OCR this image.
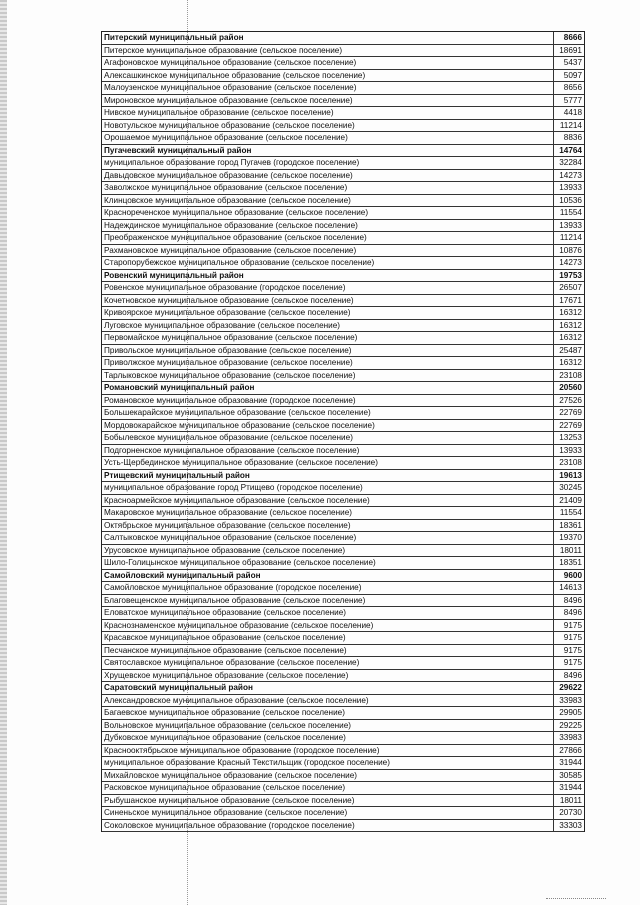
Питерский муниципальный район	8666
Питерское муниципальное образование (сельское поселение)	18691
Агафоновское муниципальное образование (сельское поселение)	5437
Алексашкинское муниципальное образование (сельское поселение)	5097
Малоузенское муниципальное образование (сельское поселение)	8656
Мироновское муниципальное образование (сельское поселение)	5777
Нивское муниципальное образование (сельское поселение)	4418
Новотульское муниципальное образование (сельское поселение)	11214
Орошаемое муниципальное образование (сельское поселение)	8836
Пугачевский муниципальный район	14764
муниципальное образование город Пугачев (городское поселение)	32284
Давыдовское муниципальное образование (сельское поселение)	14273
Заволжское муниципальное образование (сельское поселение)	13933
Клинцовское муниципальное образование (сельское поселение)	10536
Краснореченское муниципальное образование (сельское поселение)	11554
Надеждинское муниципальное образование (сельское поселение)	13933
Преображенское муниципальное образование (сельское поселение)	11214
Рахмановское муниципальное образование (сельское поселение)	10876
Старопорубежское муниципальное образование (сельское поселение)	14273
Ровенский муниципальный район	19753
Ровенское муниципальное образование (городское поселение)	26507
Кочетновское муниципальное образование (сельское поселение)	17671
Кривоярское муниципальное образование (сельское поселение)	16312
Луговское муниципальное образование (сельское поселение)	16312
Первомайское муниципальное образование (сельское поселение)	16312
Привольское муниципальное образование (сельское поселение)	25487
Приволжское муниципальное образование (сельское поселение)	16312
Тарлыковское муниципальное образование (сельское поселение)	23108
Романовский муниципальный район	20560
Романовское муниципальное образование (городское поселение)	27526
Большекарайское муниципальное образование (сельское поселение)	22769
Мордовокарайское муниципальное образование (сельское поселение)	22769
Бобылевское муниципальное образование (сельское поселение)	13253
Подгорненское муниципальное образование (сельское поселение)	13933
Усть-Щербединское муниципальное образование (сельское поселение)	23108
Ртищевский муниципальный район	19613
муниципальное образование город Ртищево (городское поселение)	30245
Красноармейское муниципальное образование (сельское поселение)	21409
Макаровское муниципальное образование (сельское поселение)	11554
Октябрьское муниципальное образование (сельское поселение)	18361
Салтыковское муниципальное образование (сельское поселение)	19370
Урусовское муниципальное образование (сельское поселение)	18011
Шило-Голицынское муниципальное образование (сельское поселение)	18351
Самойловский муниципальный район	9600
Самойловское муниципальное образование (городское поселение)	14613
Благовещенское муниципальное образование (сельское поселение)	8496
Еловатское муниципальное образование (сельское поселение)	8496
Краснознаменское муниципальное образование (сельское поселение)	9175
Красавское муниципальное образование (сельское поселение)	9175
Песчанское муниципальное образование (сельское поселение)	9175
Святославское муниципальное образование (сельское поселение)	9175
Хрущевское муниципальное образование (сельское поселение)	8496
Саратовский муниципальный район	29622
Александровское муниципальное образование (сельское поселение)	33983
Багаевское муниципальное образование (сельское поселение)	29905
Вольновское муниципальное образование (сельское поселение)	29225
Дубковское муниципальное образование (сельское поселение)	33983
Краснооктябрьское муниципальное образование (городское поселение)	27866
муниципальное образование Красный Текстильщик (городское поселение)	31944
Михайловское муниципальное образование (сельское поселение)	30585
Расковское муниципальное образование (сельское поселение)	31944
Рыбушанское муниципальное образование (сельское поселение)	18011
Синеньское муниципальное образование (сельское поселение)	20730
Соколовское муниципальное образование (городское поселение)	33303
